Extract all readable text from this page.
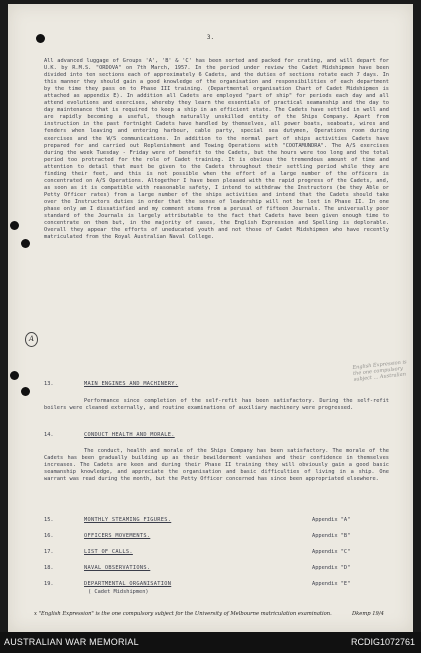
3.

All advanced luggage of Groups 'A', 'B' & 'C' has been sorted and packed for crating, and will depart for U.K. by R.M.S. "ORDOVA" on 7th March, 1957. In the period under review the Cadet Midshipmen have been divided into ten sections each of approximately 6 Cadets, and the duties of sections rotate each 7 days. In this manner they should gain a good knowledge of the organisation and responsibilities of each department by the time they pass on to Phase III training. (Departmental organisation Chart of Cadet Midshipmen is attached as appendix E). In addition all Cadets are employed "part of ship" for periods each day and all attend evolutions and exercises, whereby they learn the essentials of practical seamanship and the day to day maintenance that is required to keep a ship in an efficient state. The Cadets have settled in well and are rapidly becoming a useful, though naturally unskilled entity of the Ships Company. Apart from instruction in the past fortnight Cadets have handled by themselves, all power boats, seaboats, wires and fenders when leaving and entering harbour, cable party, special sea dutymen, Operations room during exercises and the W/S communications. In addition to the normal part of ships activities Cadets have prepared for and carried out Replenishment and Towing Operations with "COOTAMUNDRA". The A/S exercises during the week Tuesday - Friday were of benefit to the Cadets, but the hours were too long and the total period too protracted for the role of Cadet training. It is obvious the tremendous amount of time and attention to detail that must be given to the Cadets throughout their settling period while they are finding their feet, and this is not possible when the effort of a large number of the officers is concentrated on A/S Operations. Altogether I have been pleased with the rapid progress of the Cadets, and, as soon as it is compatible with reasonable safety, I intend to withdraw the Instructors (be they Able or Petty Officer rates) from a large number of the ships activities and intend that the Cadets should take over the Instructors duties in order that the sense of leadership will not be lost in Phase II. In one phase only am I dissatisfied and my comment stems from a perusal of fifteen Journals. The universally poor standard of the Journals is largely attributable to the fact that Cadets have been given enough time to concentrate on them but, in the majority of cases, the English Expression and Spelling is deplorable. Overall they appear the efforts of uneducated youth and not those of Cadet Midshipmen who have recently matriculated from the Royal Australian Naval College.

A
English Expression is the one compulsory subject ... Australian
13.	MAIN ENGINES AND MACHINERY.
Performance since completion of the self-refit has been satisfactory. During the self-refit boilers were cleaned externally, and routine examinations of auxiliary machinery were progressed.
14.	CONDUCT HEALTH AND MORALE.
The conduct, health and morale of the Ships Company has been satisfactory. The morale of the Cadets has been gradually building up as their bewilderment vanishes and their confidence in themselves increases. The Cadets are keen and during their Phase II training they will obviously gain a good basic seamanship knowledge, and appreciate the organisation and basic difficulties of living in a ship. One warrant was read during the month, but the Petty Officer concerned has since been appropriated elsewhere.
15.	MONTHLY STEAMING FIGURES.	Appendix "A"
16.	OFFICERS MOVEMENTS.	Appendix "B"
17.	LIST OF CALLS.	Appendix "C"
18.	NAVAL OBSERVATIONS.	Appendix "D"
19.	DEPARTMENTAL ORGANISATION	Appendix "E"
( Cadet Midshipmen)
x "English Expression" is the one compulsory subject for the University of Melbourne matriculation examination.	Dkemp 19/4
AUSTRALIAN WAR MEMORIAL	RCDIG1072761
